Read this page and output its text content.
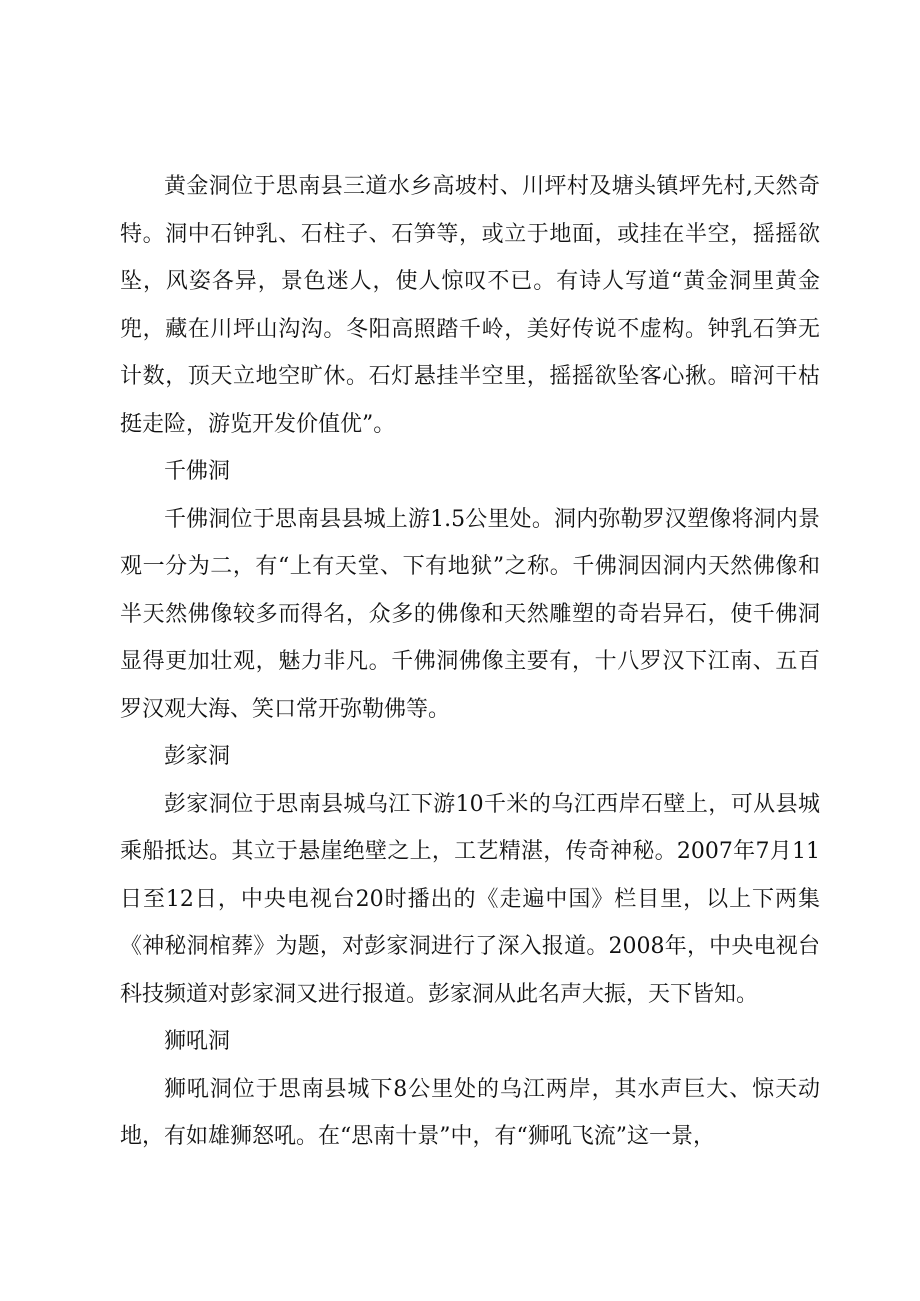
黄金洞位于思南县三道水乡高坡村、川坪村及塘头镇坪先村,天然奇特。洞中石钟乳、石柱子、石笋等，或立于地面，或挂在半空，摇摇欲坠，风姿各异，景色迷人，使人惊叹不已。有诗人写道“黄金洞里黄金兜，藏在川坪山沟沟。冬阳高照踏千岭，美好传说不虚构。钟乳石笋无计数，顶天立地空旷休。石灯悬挂半空里，摇摇欲坠客心揪。暗河干枯挺走险，游览开发价值优”。

千佛洞

千佛洞位于思南县县城上游1.5公里处。洞内弥勒罗汉塑像将洞内景观一分为二，有“上有天堂、下有地狱”之称。千佛洞因洞内天然佛像和半天然佛像较多而得名，众多的佛像和天然雕塑的奇岩异石，使千佛洞显得更加壮观，魅力非凡。千佛洞佛像主要有，十八罗汉下江南、五百罗汉观大海、笑口常开弥勒佛等。

彭家洞

彭家洞位于思南县城乌江下游10千米的乌江西岸石壁上，可从县城乘船抵达。其立于悬崖绝壁之上，工艺精湛，传奇神秘。2007年7月11日至12日，中央电视台20时播出的《走遍中国》栏目里，以上下两集《神秘洞棺葬》为题，对彭家洞进行了深入报道。2008年，中央电视台科技频道对彭家洞又进行报道。彭家洞从此名声大振，天下皆知。

狮吼洞

狮吼洞位于思南县城下8公里处的乌江两岸，其水声巨大、惊天动地，有如雄狮怒吼。在“思南十景”中，有“狮吼飞流”这一景，
